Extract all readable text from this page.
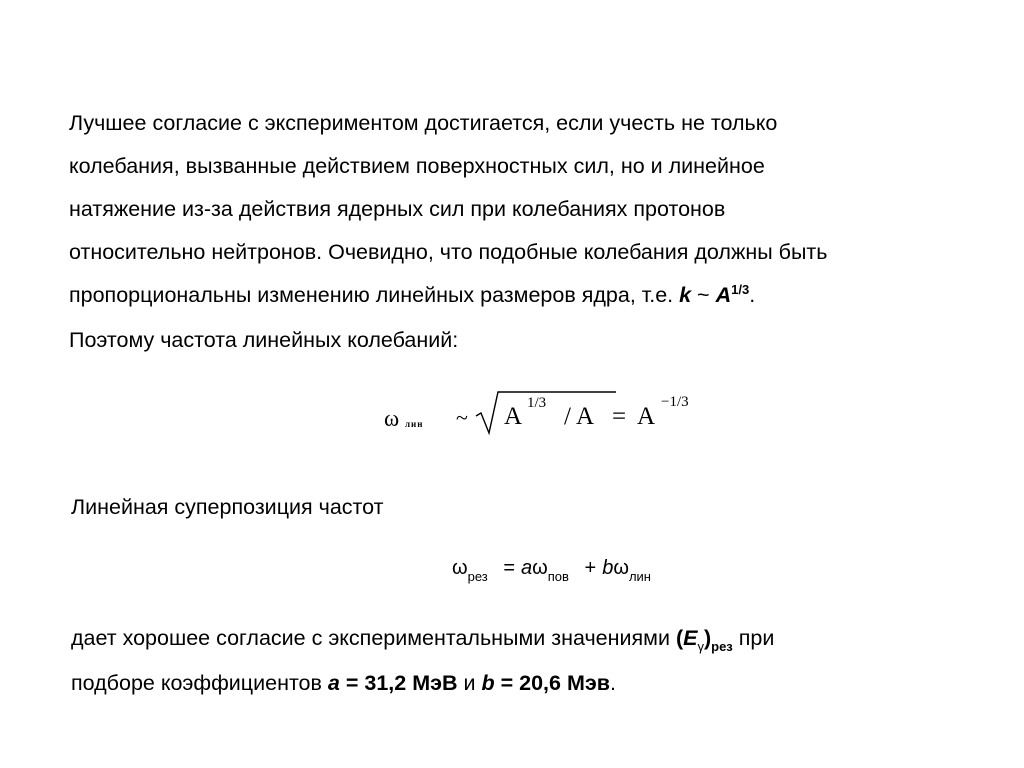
Лучшее согласие с экспериментом достигается, если учесть не только
колебания, вызванные действием поверхностных сил, но и линейное
натяжение из-за действия ядерных сил при колебаниях протонов
относительно нейтронов. Очевидно, что подобные колебания должны быть
пропорциональны изменению линейных размеров ядра, т.е. k ~ $A^{1/3}$.
Поэтому частота линейных колебаний:
ω лин ~ A 1/3 / A = A
−1/3
Линейная суперпозиция частот
$\omega_{рез} = a\omega_{пов} + b\omega_{лин}$
дает хорошее согласие с экспериментальными значениями $(E_\gamma)_{рез}$ при
подборе коэффициентов a = 31,2 МэВ и b = 20,6 Мэв.
